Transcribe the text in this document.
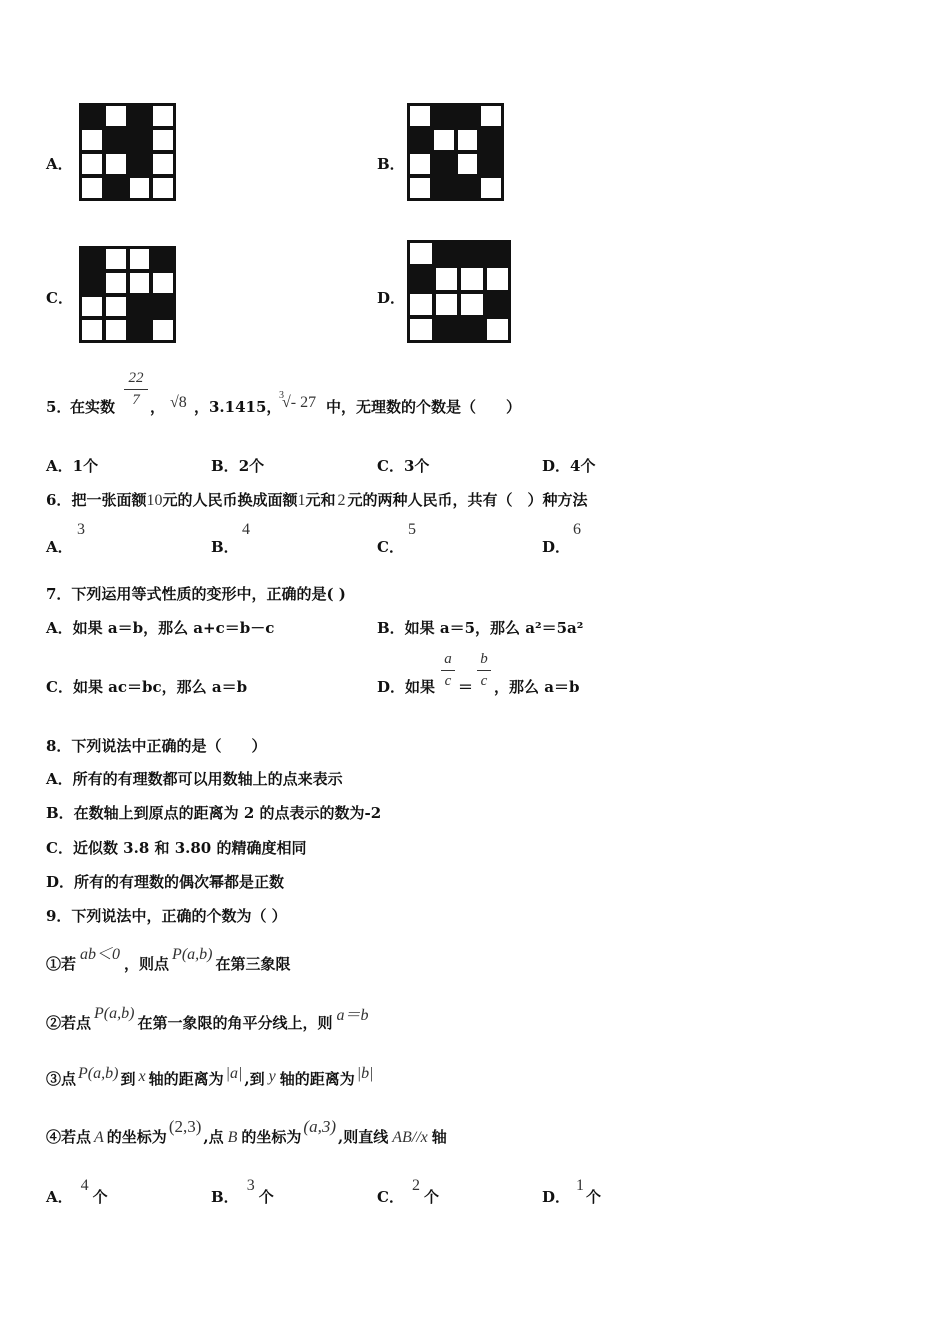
A．	B．
C．	D．
5．
在实数
22
7 ， √8 ，3.1415，
3
√- 27 中，无理数的个数是（　　）
A．1个	B．2个	C．3个	D．4个
6．把一张面额10元的人民币换成面额1元和 2 元的两种人民币，共有（　）种方法
A．
3
B．
4
C．
5
D．
6
7．下列运用等式性质的变形中，正确的是( )
A．如果 a＝b，那么 a+c＝b－c	B．如果 a＝5，那么 a²＝5a²
C．如果 ac＝bc，那么 a＝b	D．如果
a
c ＝
b
c ，那么 a＝b
8．下列说法中正确的是（　　）
A．所有的有理数都可以用数轴上的点来表示
B．在数轴上到原点的距离为 2 的点表示的数为-2
C．近似数 3.8 和 3.80 的精确度相同
D．所有的有理数的偶次幂都是正数
9．下列说法中，正确的个数为（ ）
①若ab＜0，则点P(a,b)在第三象限
②若点P(a,b)在第一象限的角平分线上，则 a＝b
③点 P(a,b) 到 x 轴的距离为 |a| ,到 y 轴的距离为 |b|
④若点 A 的坐标为(2,3),点 B 的坐标为(a,3),则直线 AB//x 轴
A．4个	B．3个	C．2个	D．1个
